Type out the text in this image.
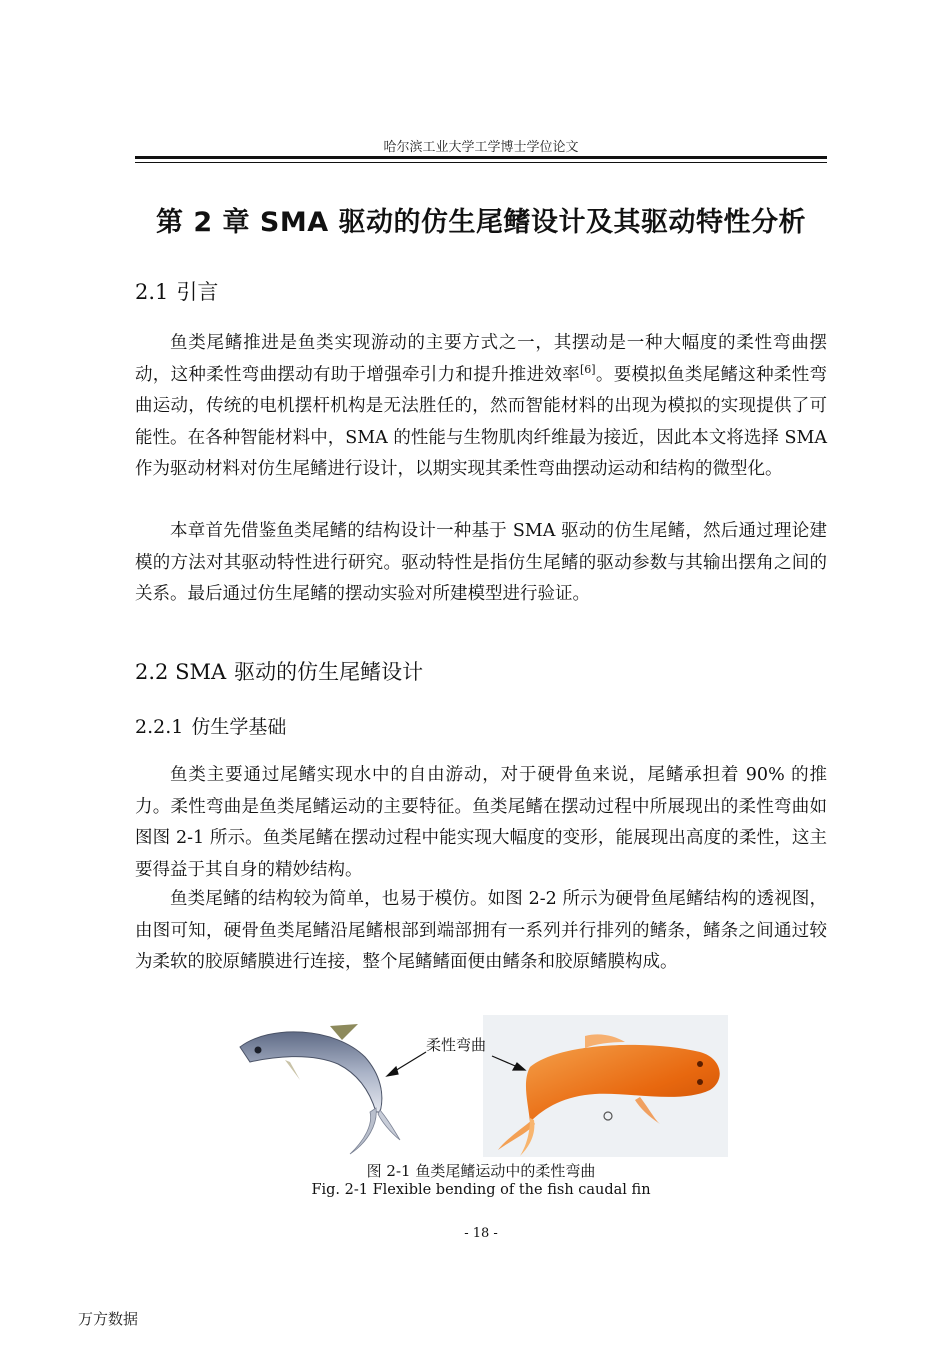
哈尔滨工业大学工学博士学位论文
第 2 章 SMA 驱动的仿生尾鳍设计及其驱动特性分析
2.1 引言

鱼类尾鳍推进是鱼类实现游动的主要方式之一，其摆动是一种大幅度的柔性弯曲摆动，这种柔性弯曲摆动有助于增强牵引力和提升推进效率[6]。要模拟鱼类尾鳍这种柔性弯曲运动，传统的电机摆杆机构是无法胜任的，然而智能材料的出现为模拟的实现提供了可能性。在各种智能材料中，SMA 的性能与生物肌肉纤维最为接近，因此本文将选择 SMA 作为驱动材料对仿生尾鳍进行设计，以期实现其柔性弯曲摆动运动和结构的微型化。

本章首先借鉴鱼类尾鳍的结构设计一种基于 SMA 驱动的仿生尾鳍，然后通过理论建模的方法对其驱动特性进行研究。驱动特性是指仿生尾鳍的驱动参数与其输出摆角之间的关系。最后通过仿生尾鳍的摆动实验对所建模型进行验证。

2.2 SMA 驱动的仿生尾鳍设计
2.2.1 仿生学基础

鱼类主要通过尾鳍实现水中的自由游动，对于硬骨鱼来说，尾鳍承担着 90% 的推力。柔性弯曲是鱼类尾鳍运动的主要特征。鱼类尾鳍在摆动过程中所展现出的柔性弯曲如图图 2-1 所示。鱼类尾鳍在摆动过程中能实现大幅度的变形，能展现出高度的柔性，这主要得益于其自身的精妙结构。

鱼类尾鳍的结构较为简单，也易于模仿。如图 2-2 所示为硬骨鱼尾鳍结构的透视图，由图可知，硬骨鱼类尾鳍沿尾鳍根部到端部拥有一系列并行排列的鳍条，鳍条之间通过较为柔软的胶原鳍膜进行连接，整个尾鳍鳍面便由鳍条和胶原鳍膜构成。

柔性弯曲
图 2-1 鱼类尾鳍运动中的柔性弯曲
Fig. 2-1 Flexible bending of the fish caudal fin
- 18 -
万方数据
